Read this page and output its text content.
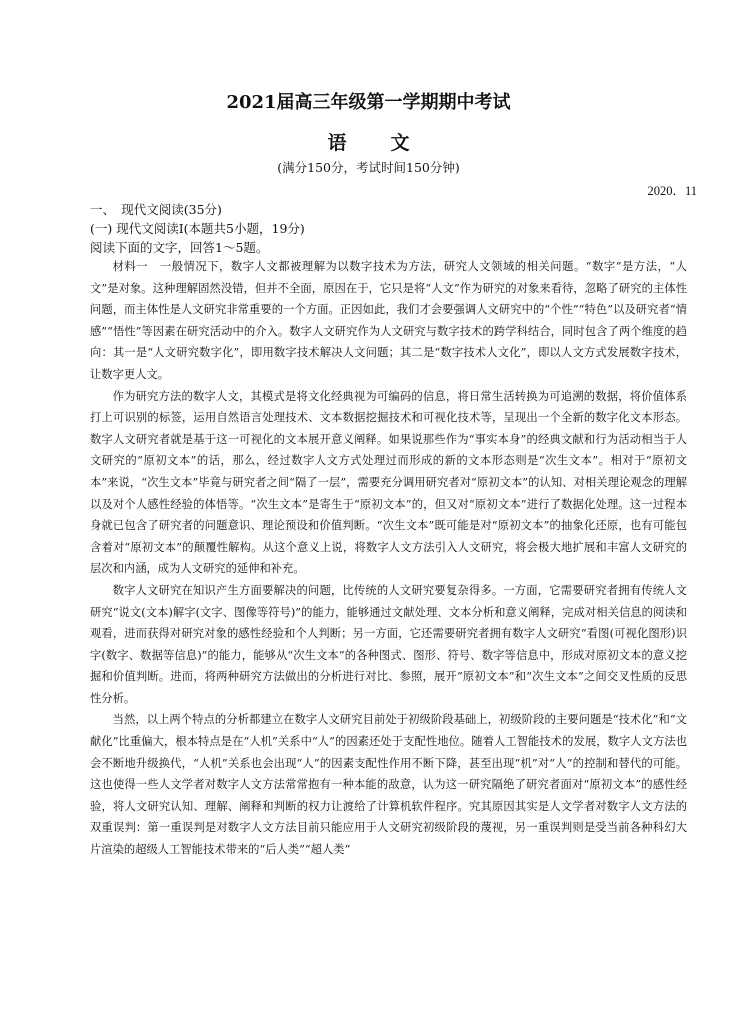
2021届高三年级第一学期期中考试
语 文
(满分150分，考试时间150分钟)
2020．11
一、　现代文阅读(35分)
(一) 现代文阅读Ⅰ(本题共5小题，19分)
阅读下面的文字，回答1～5题。

材料一　一般情况下，数字人文都被理解为以数字技术为方法，研究人文领域的相关问题。“数字”是方法，“人文”是对象。这种理解固然没错，但并不全面，原因在于，它只是将“人文”作为研究的对象来看待，忽略了研究的主体性问题，而主体性是人文研究非常重要的一个方面。正因如此，我们才会要强调人文研究中的“个性”“特色”以及研究者“情感”“悟性”等因素在研究活动中的介入。数字人文研究作为人文研究与数字技术的跨学科结合，同时包含了两个维度的趋向：其一是“人文研究数字化”，即用数字技术解决人文问题；其二是“数字技术人文化”，即以人文方式发展数字技术，让数字更人文。

作为研究方法的数字人文，其模式是将文化经典视为可编码的信息，将日常生活转换为可追溯的数据，将价值体系打上可识别的标签，运用自然语言处理技术、文本数据挖掘技术和可视化技术等，呈现出一个全新的数字化文本形态。数字人文研究者就是基于这一可视化的文本展开意义阐释。如果说那些作为“事实本身”的经典文献和行为活动相当于人文研究的“原初文本”的话，那么，经过数字人文方式处理过而形成的新的文本形态则是“次生文本”。相对于“原初文本”来说，“次生文本”毕竟与研究者之间“隔了一层”，需要充分调用研究者对“原初文本”的认知、对相关理论观念的理解以及对个人感性经验的体悟等。“次生文本”是寄生于“原初文本”的，但又对“原初文本”进行了数据化处理。这一过程本身就已包含了研究者的问题意识、理论预设和价值判断。“次生文本”既可能是对“原初文本”的抽象化还原，也有可能包含着对“原初文本”的颠覆性解构。从这个意义上说，将数字人文方法引入人文研究，将会极大地扩展和丰富人文研究的层次和内涵，成为人文研究的延伸和补充。

数字人文研究在知识产生方面要解决的问题，比传统的人文研究要复杂得多。一方面，它需要研究者拥有传统人文研究“说文(文本)解字(文字、图像等符号)”的能力，能够通过文献处理、文本分析和意义阐释，完成对相关信息的阅读和观看，进而获得对研究对象的感性经验和个人判断；另一方面，它还需要研究者拥有数字人文研究“看图(可视化图形)识字(数字、数据等信息)”的能力，能够从“次生文本”的各种图式、图形、符号、数字等信息中，形成对原初文本的意义挖掘和价值判断。进而，将两种研究方法做出的分析进行对比、参照，展开“原初文本”和“次生文本”之间交叉性质的反思性分析。

当然，以上两个特点的分析都建立在数字人文研究目前处于初级阶段基础上，初级阶段的主要问题是“技术化”和“文献化”比重偏大，根本特点是在“人机”关系中“人”的因素还处于支配性地位。随着人工智能技术的发展，数字人文方法也会不断地升级换代，“人机”关系也会出现“人”的因素支配性作用不断下降，甚至出现“机”对“人”的控制和替代的可能。这也使得一些人文学者对数字人文方法常常抱有一种本能的敌意，认为这一研究隔绝了研究者面对“原初文本”的感性经验，将人文研究认知、理解、阐释和判断的权力让渡给了计算机软件程序。究其原因其实是人文学者对数字人文方法的双重误判：第一重误判是对数字人文方法目前只能应用于人文研究初级阶段的蔑视，另一重误判则是受当前各种科幻大片渲染的超级人工智能技术带来的“后人类”“超人类”
